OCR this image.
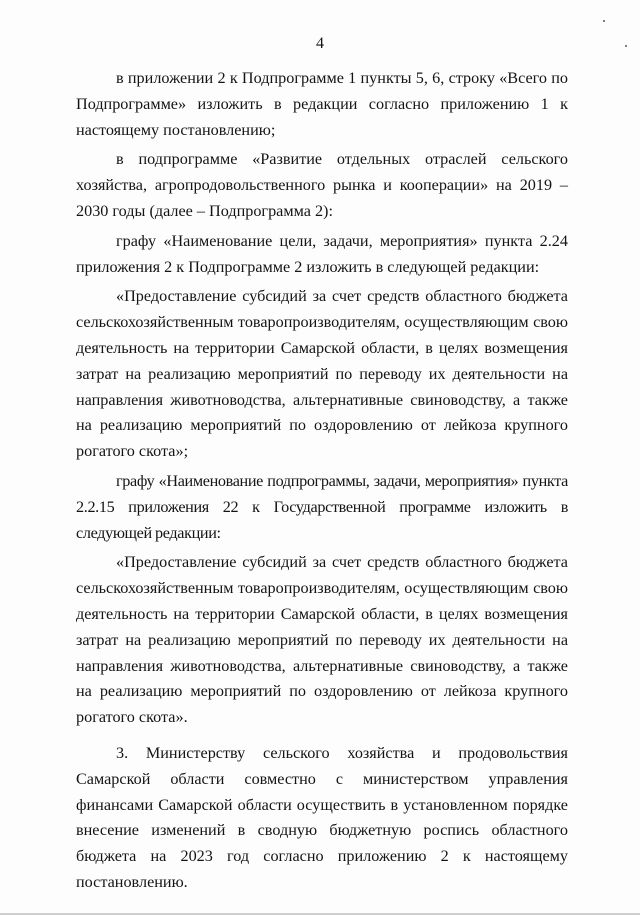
4

в приложении 2 к Подпрограмме 1 пункты 5, 6, строку «Всего по Подпрограмме» изложить в редакции согласно приложению 1 к настоящему постановлению;

в подпрограмме «Развитие отдельных отраслей сельского хозяйства, агропродовольственного рынка и кооперации» на 2019 – 2030 годы (далее – Подпрограмма 2):

графу «Наименование цели, задачи, мероприятия» пункта 2.24 приложения 2 к Подпрограмме 2 изложить в следующей редакции:

«Предоставление субсидий за счет средств областного бюджета сельскохозяйственным товаропроизводителям, осуществляющим свою деятельность на территории Самарской области, в целях возмещения затрат на реализацию мероприятий по переводу их деятельности на направления животноводства, альтернативные свиноводству, а также на реализацию мероприятий по оздоровлению от лейкоза крупного рогатого скота»;

графу «Наименование подпрограммы, задачи, мероприятия» пункта 2.2.15 приложения 22 к Государственной программе изложить в следующей редакции:

«Предоставление субсидий за счет средств областного бюджета сельскохозяйственным товаропроизводителям, осуществляющим свою деятельность на территории Самарской области, в целях возмещения затрат на реализацию мероприятий по переводу их деятельности на направления животноводства, альтернативные свиноводству, а также на реализацию мероприятий по оздоровлению от лейкоза крупного рогатого скота».

3. Министерству сельского хозяйства и продовольствия Самарской области совместно с министерством управления финансами Самарской области осуществить в установленном порядке внесение изменений в сводную бюджетную роспись областного бюджета на 2023 год согласно приложению 2 к настоящему постановлению.
